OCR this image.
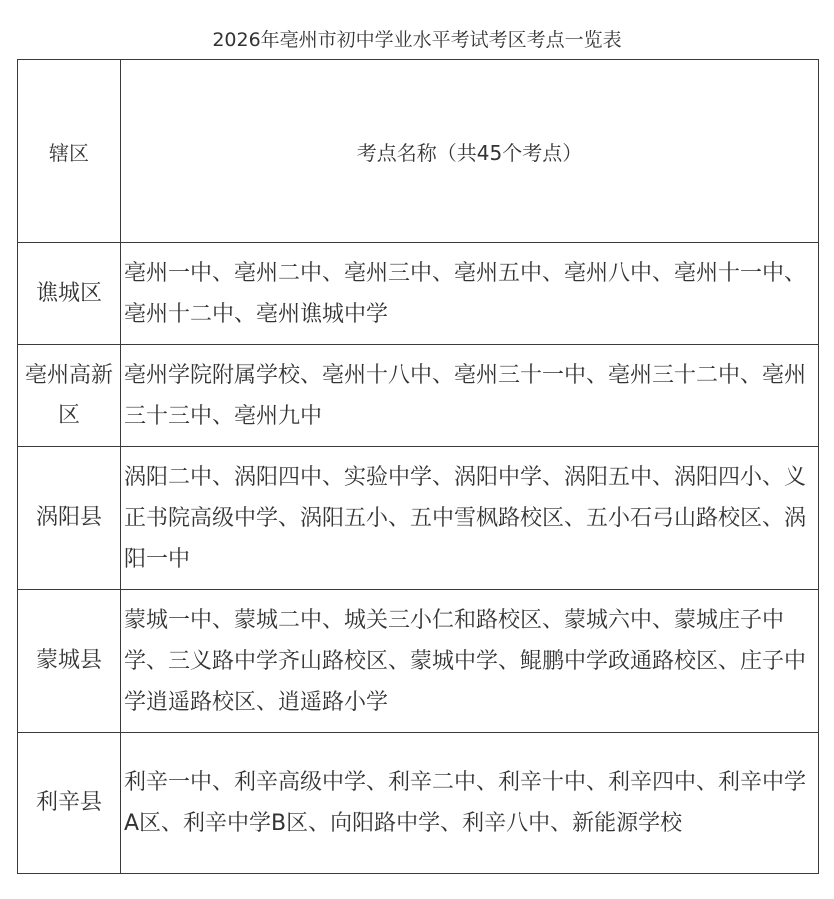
2026年亳州市初中学业水平考试考区考点一览表
辖区	考点名称（共45个考点）
谯城区	亳州一中、亳州二中、亳州三中、亳州五中、亳州八中、亳州十一中、亳州十二中、亳州谯城中学
亳州高新区	亳州学院附属学校、亳州十八中、亳州三十一中、亳州三十二中、亳州三十三中、亳州九中
涡阳县	涡阳二中、涡阳四中、实验中学、涡阳中学、涡阳五中、涡阳四小、义正书院高级中学、涡阳五小、五中雪枫路校区、五小石弓山路校区、涡阳一中
蒙城县	蒙城一中、蒙城二中、城关三小仁和路校区、蒙城六中、蒙城庄子中学、三义路中学齐山路校区、蒙城中学、鲲鹏中学政通路校区、庄子中学逍遥路校区、逍遥路小学
利辛县	利辛一中、利辛高级中学、利辛二中、利辛十中、利辛四中、利辛中学A区、利辛中学B区、向阳路中学、利辛八中、新能源学校
